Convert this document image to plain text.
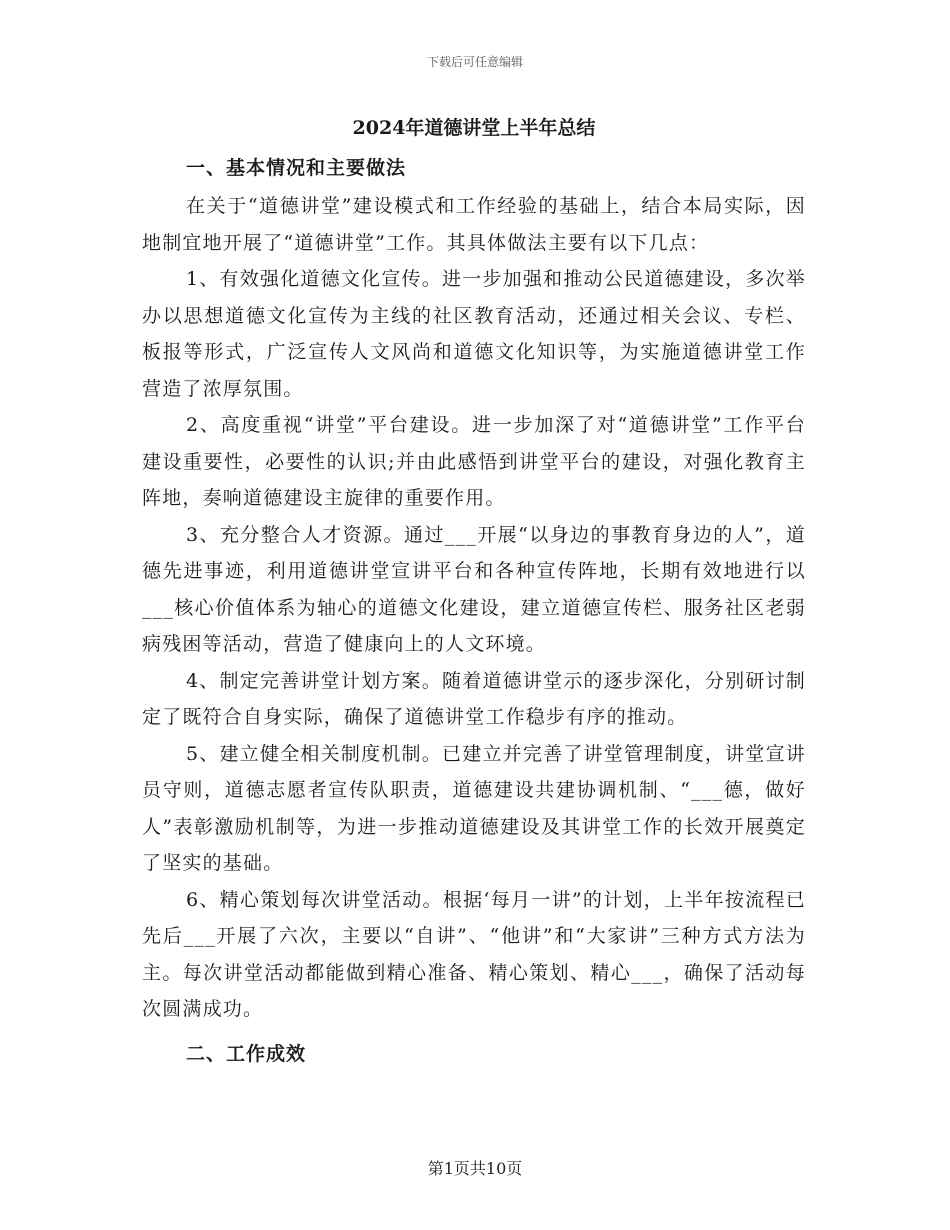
下载后可任意编辑
2024年道德讲堂上半年总结
一、基本情况和主要做法

在关于“道德讲堂”建设模式和工作经验的基础上，结合本局实际，因地制宜地开展了“道德讲堂”工作。其具体做法主要有以下几点：

1、有效强化道德文化宣传。进一步加强和推动公民道德建设，多次举办以思想道德文化宣传为主线的社区教育活动，还通过相关会议、专栏、板报等形式，广泛宣传人文风尚和道德文化知识等，为实施道德讲堂工作营造了浓厚氛围。

2、高度重视“讲堂”平台建设。进一步加深了对“道德讲堂”工作平台建设重要性，必要性的认识;并由此感悟到讲堂平台的建设，对强化教育主阵地，奏响道德建设主旋律的重要作用。

3、充分整合人才资源。通过___开展“以身边的事教育身边的人”，道德先进事迹，利用道德讲堂宣讲平台和各种宣传阵地，长期有效地进行以___核心价值体系为轴心的道德文化建设，建立道德宣传栏、服务社区老弱病残困等活动，营造了健康向上的人文环境。

4、制定完善讲堂计划方案。随着道德讲堂示的逐步深化，分别研讨制定了既符合自身实际，确保了道德讲堂工作稳步有序的推动。

5、建立健全相关制度机制。已建立并完善了讲堂管理制度，讲堂宣讲员守则，道德志愿者宣传队职责，道德建设共建协调机制、“___德，做好人”表彰激励机制等，为进一步推动道德建设及其讲堂工作的长效开展奠定了坚实的基础。

6、精心策划每次讲堂活动。根据‘每月一讲”的计划，上半年按流程已先后___开展了六次，主要以“自讲”、“他讲”和“大家讲”三种方式方法为主。每次讲堂活动都能做到精心准备、精心策划、精心___，确保了活动每次圆满成功。

二、工作成效
第1页共10页
